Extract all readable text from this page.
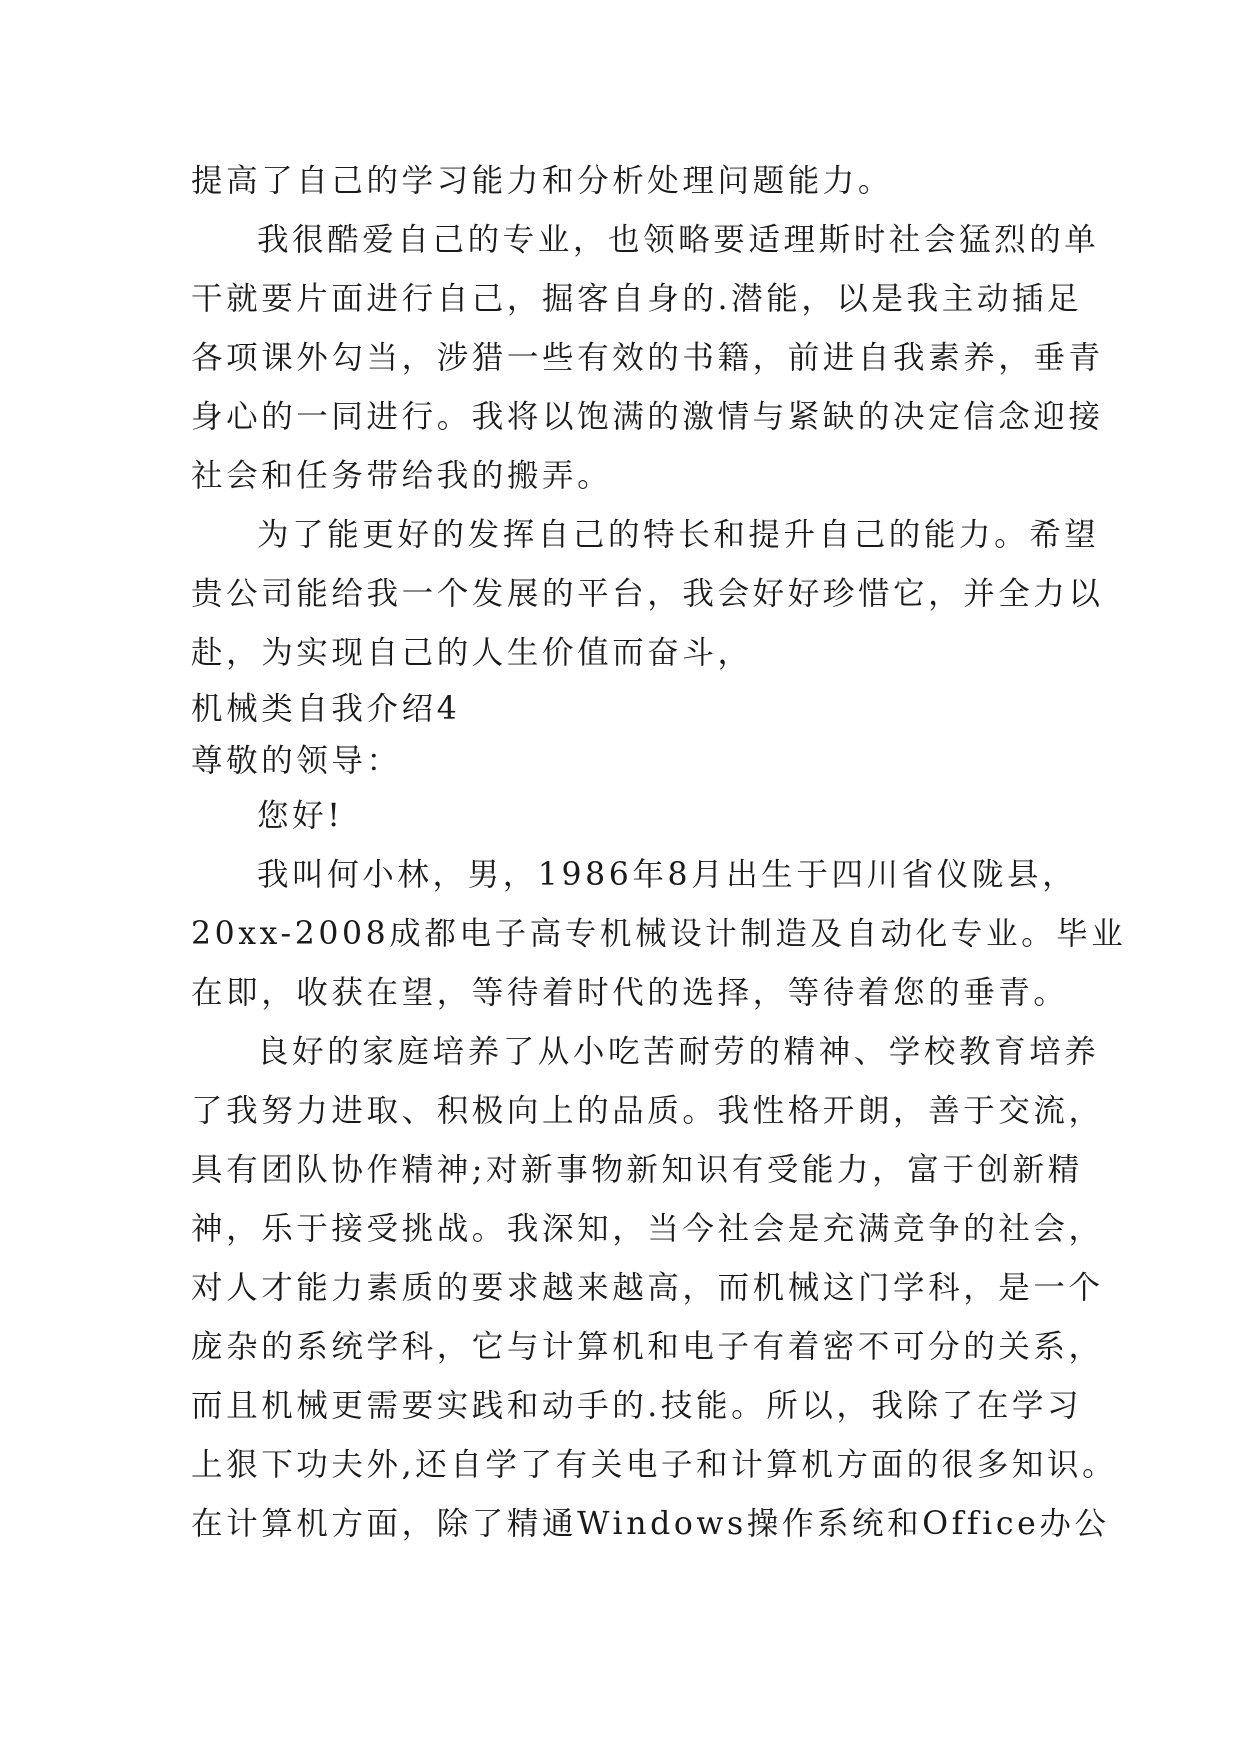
提高了自己的学习能力和分析处理问题能力。
我很酷爱自己的专业，也领略要适理斯时社会猛烈的单
干就要片面进行自己，掘客自身的.潜能，以是我主动插足
各项课外勾当，涉猎一些有效的书籍，前进自我素养，垂青
身心的一同进行。我将以饱满的激情与紧缺的决定信念迎接
社会和任务带给我的搬弄。
为了能更好的发挥自己的特长和提升自己的能力。希望
贵公司能给我一个发展的平台，我会好好珍惜它，并全力以
赴，为实现自己的人生价值而奋斗，
机械类自我介绍4
尊敬的领导：
您好!
我叫何小林，男，1986年8月出生于四川省仪陇县，
20xx-2008成都电子高专机械设计制造及自动化专业。毕业
在即，收获在望，等待着时代的选择，等待着您的垂青。
良好的家庭培养了从小吃苦耐劳的精神、学校教育培养
了我努力进取、积极向上的品质。我性格开朗，善于交流，
具有团队协作精神;对新事物新知识有受能力，富于创新精
神，乐于接受挑战。我深知，当今社会是充满竞争的社会，
对人才能力素质的要求越来越高，而机械这门学科，是一个
庞杂的系统学科，它与计算机和电子有着密不可分的关系，
而且机械更需要实践和动手的.技能。所以，我除了在学习
上狠下功夫外,还自学了有关电子和计算机方面的很多知识。
在计算机方面，除了精通Windows操作系统和Office办公
